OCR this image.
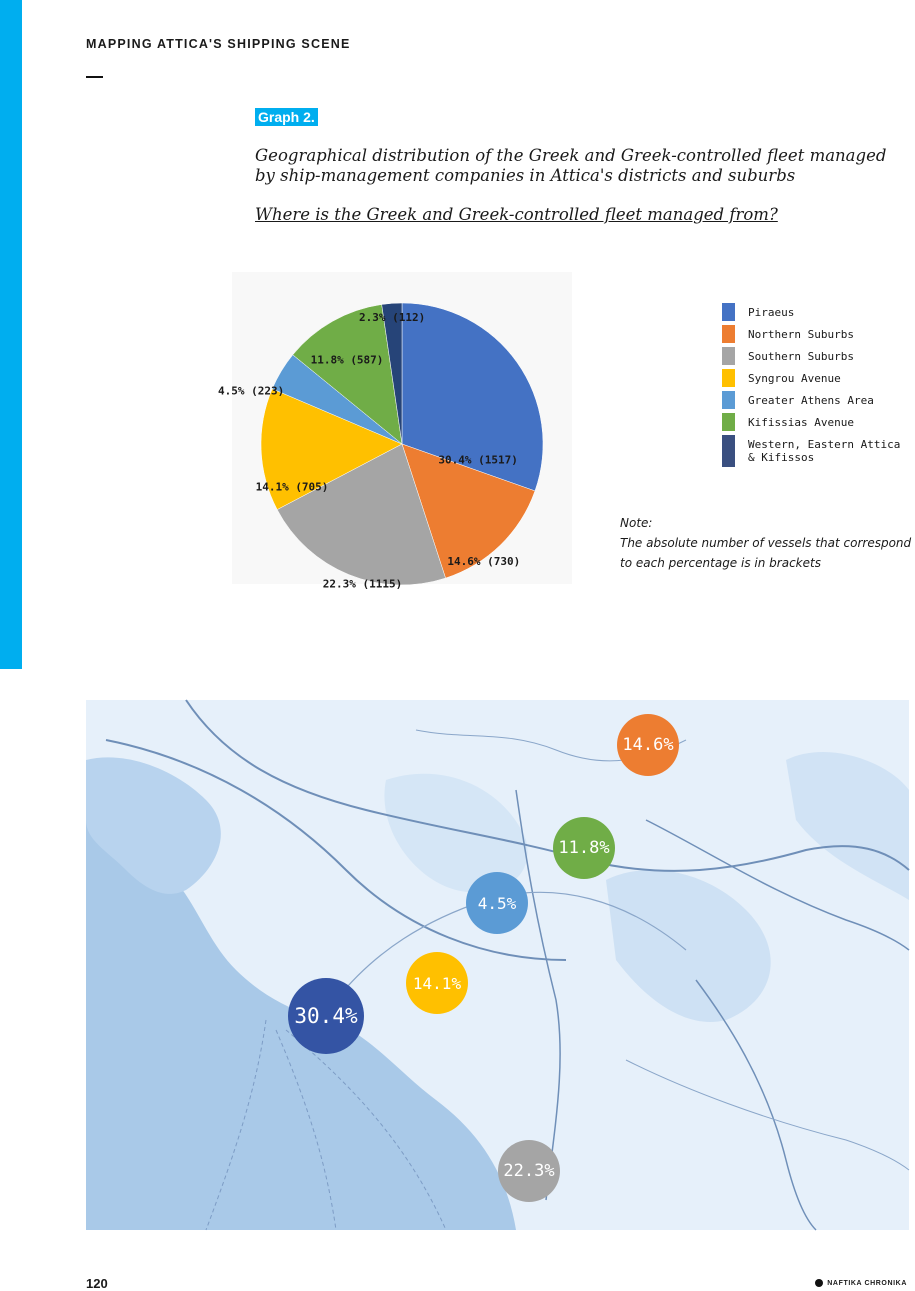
MAPPING ATTICA'S SHIPPING SCENE
Graph 2.
Geographical distribution of the Greek and Greek-controlled fleet managed by ship-management companies in Attica's districts and suburbs
Where is the Greek and Greek-controlled fleet managed from?
30.4% (1517)
14.6% (730)
22.3% (1115)
14.1% (705)
4.5% (223)
11.8% (587)
2.3% (112)	Piraeus
Northern Suburbs
Southern Suburbs
Syngrou Avenue
Greater Athens Area
Kifissias Avenue
Western, Eastern Attica & Kifissos
Note:
The absolute number of vessels that correspond to each percentage is in brackets
14.6%
11.8%
4.5%
14.1%
30.4%
22.3%
120	NAFTIKA CHRONIKA
